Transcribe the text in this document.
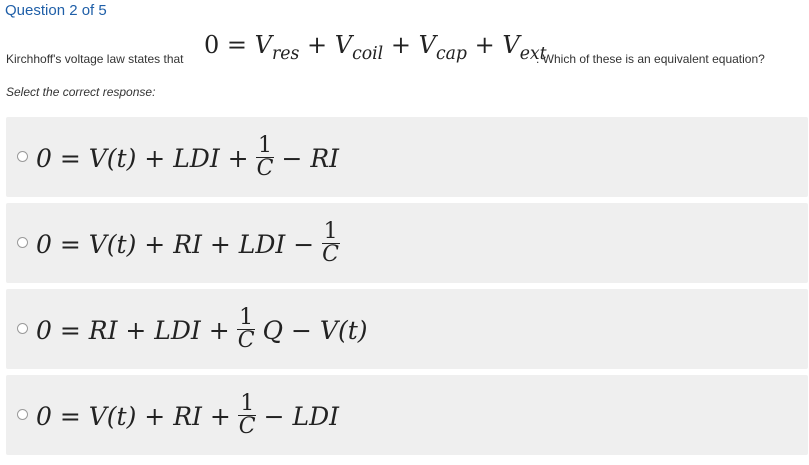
Question 2 of 5
Kirchhoff's voltage law states that $0 = V_{res} + V_{coil} + V_{cap} + V_{ext}$
. Which of these is an equivalent equation?
Select the correct response:
0 = V(t) + LDI + $\frac{1}{C}$ − RI
0 = V(t) + RI + LDI − $\frac{1}{C}$
0 = RI + LDI + $\frac{1}{C}$ Q − V(t)
0 = V(t) + RI + $\frac{1}{C}$ − LDI
